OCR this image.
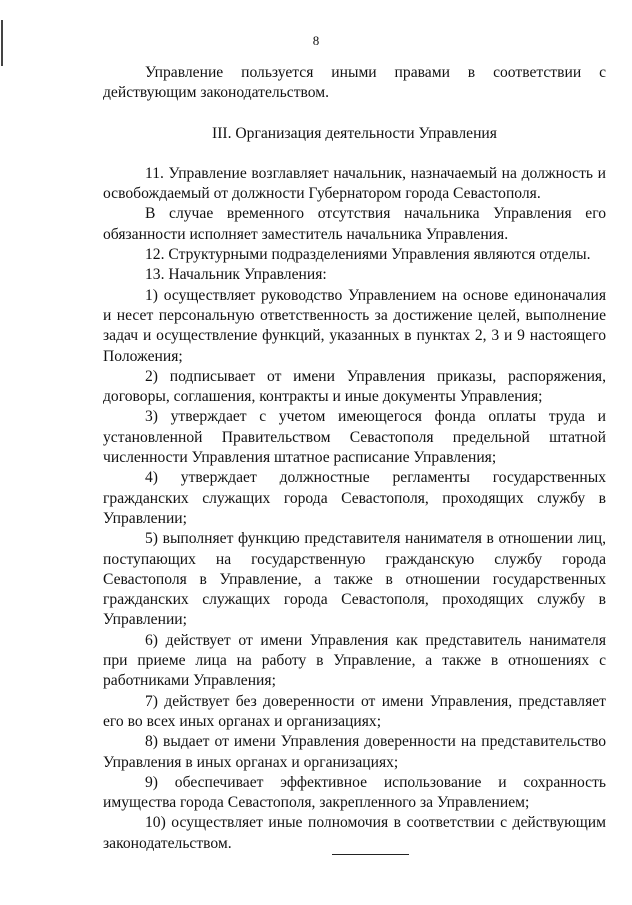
8

Управление пользуется иными правами в соответствии с действующим законодательством.

III. Организация деятельности Управления

11. Управление возглавляет начальник, назначаемый на должность и освобождаемый от должности Губернатором города Севастополя.

В случае временного отсутствия начальника Управления его обязанности исполняет заместитель начальника Управления.

12. Структурными подразделениями Управления являются отделы.

13. Начальник Управления:

1) осуществляет руководство Управлением на основе единоначалия и несет персональную ответственность за достижение целей, выполнение задач и осуществление функций, указанных в пунктах 2, 3 и 9 настоящего Положения;

2) подписывает от имени Управления приказы, распоряжения, договоры, соглашения, контракты и иные документы Управления;

3) утверждает с учетом имеющегося фонда оплаты труда и установленной Правительством Севастополя предельной штатной численности Управления штатное расписание Управления;

4) утверждает должностные регламенты государственных гражданских служащих города Севастополя, проходящих службу в Управлении;

5) выполняет функцию представителя нанимателя в отношении лиц, поступающих на государственную гражданскую службу города Севастополя в Управление, а также в отношении государственных гражданских служащих города Севастополя, проходящих службу в Управлении;

6) действует от имени Управления как представитель нанимателя при приеме лица на работу в Управление, а также в отношениях с работниками Управления;

7) действует без доверенности от имени Управления, представляет его во всех иных органах и организациях;

8) выдает от имени Управления доверенности на представительство Управления в иных органах и организациях;

9) обеспечивает эффективное использование и сохранность имущества города Севастополя, закрепленного за Управлением;

10) осуществляет иные полномочия в соответствии с действующим законодательством.
